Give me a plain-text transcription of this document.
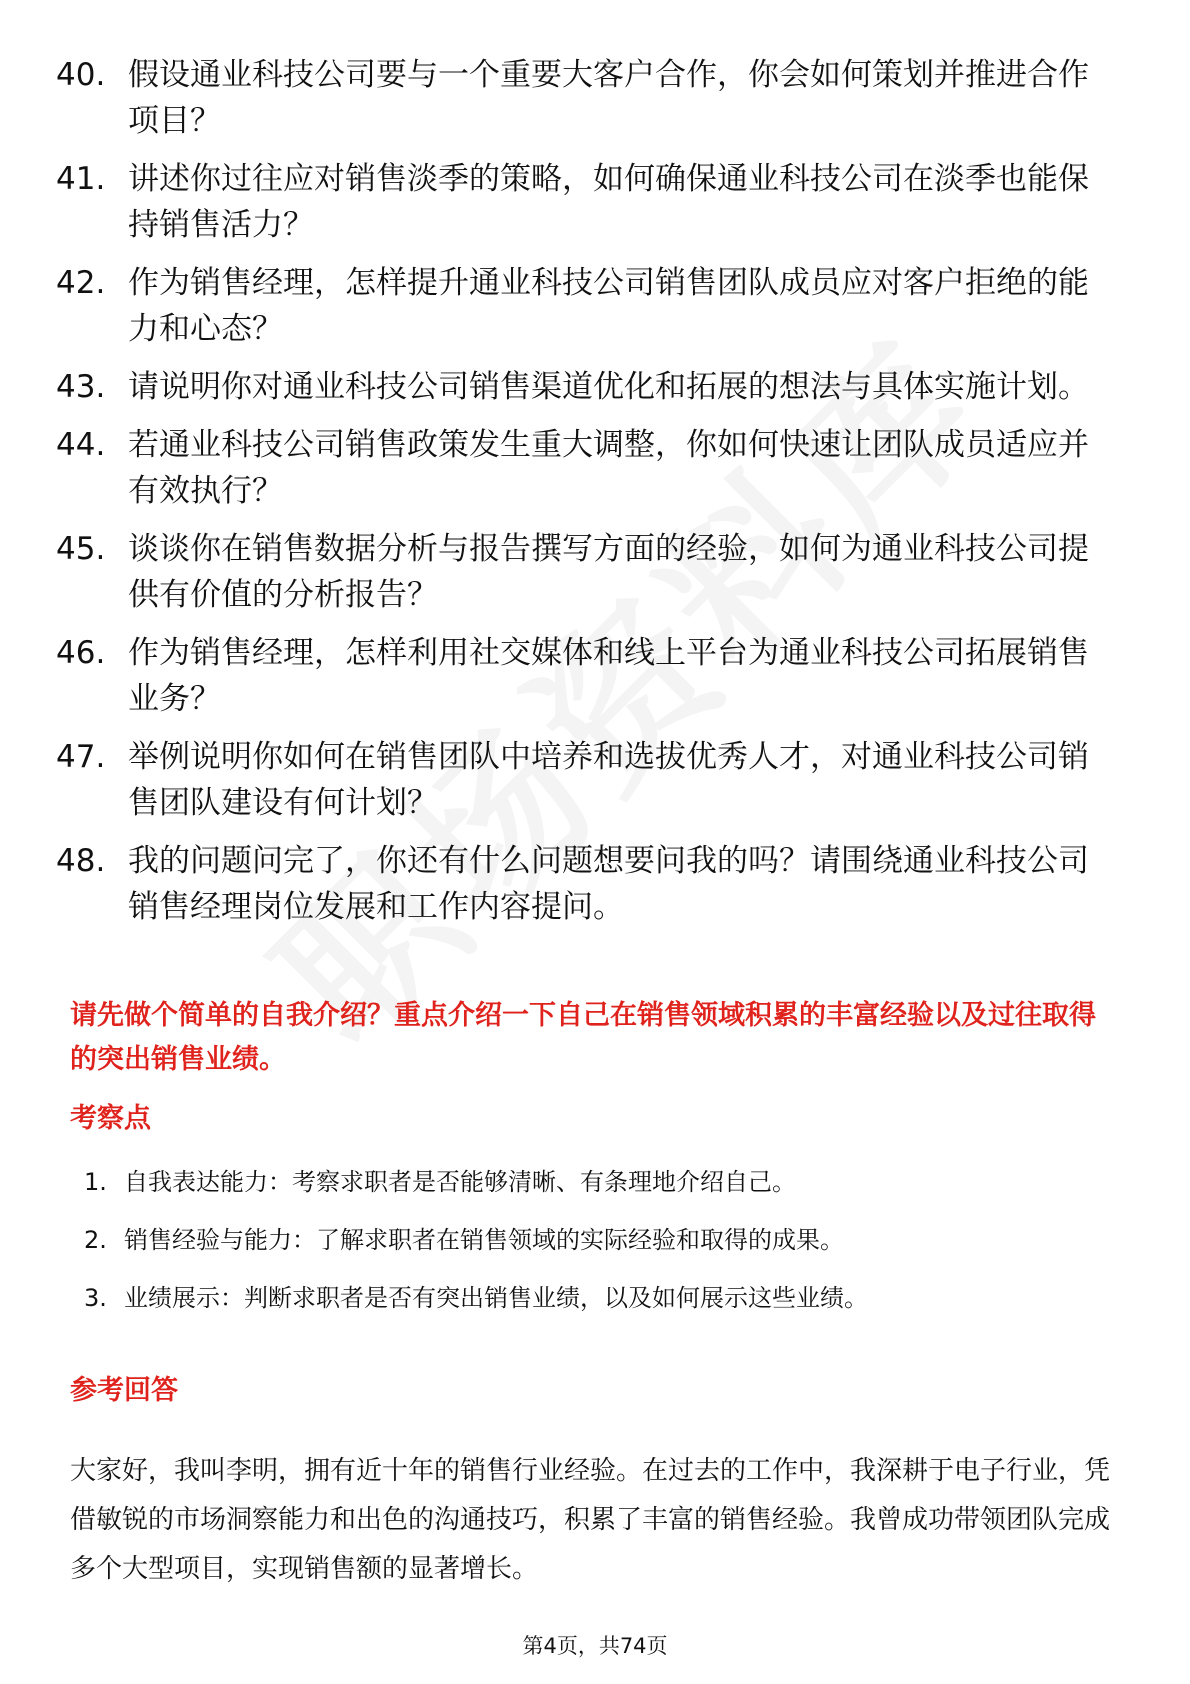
40. 假设通业科技公司要与一个重要大客户合作，你会如何策划并推进合作项目？
41. 讲述你过往应对销售淡季的策略，如何确保通业科技公司在淡季也能保持销售活力？
42. 作为销售经理，怎样提升通业科技公司销售团队成员应对客户拒绝的能力和心态？
43. 请说明你对通业科技公司销售渠道优化和拓展的想法与具体实施计划。
44. 若通业科技公司销售政策发生重大调整，你如何快速让团队成员适应并有效执行？
45. 谈谈你在销售数据分析与报告撰写方面的经验，如何为通业科技公司提供有价值的分析报告？
46. 作为销售经理，怎样利用社交媒体和线上平台为通业科技公司拓展销售业务？
47. 举例说明你如何在销售团队中培养和选拔优秀人才，对通业科技公司销售团队建设有何计划？
48. 我的问题问完了，你还有什么问题想要问我的吗？请围绕通业科技公司销售经理岗位发展和工作内容提问。
请先做个简单的自我介绍？重点介绍一下自己在销售领域积累的丰富经验以及过往取得的突出销售业绩。
考察点
1. 自我表达能力：考察求职者是否能够清晰、有条理地介绍自己。
2. 销售经验与能力：了解求职者在销售领域的实际经验和取得的成果。
3. 业绩展示：判断求职者是否有突出销售业绩，以及如何展示这些业绩。
参考回答
大家好，我叫李明，拥有近十年的销售行业经验。在过去的工作中，我深耕于电子行业，凭借敏锐的市场洞察能力和出色的沟通技巧，积累了丰富的销售经验。我曾成功带领团队完成多个大型项目，实现销售额的显著增长。
第4页，共74页
